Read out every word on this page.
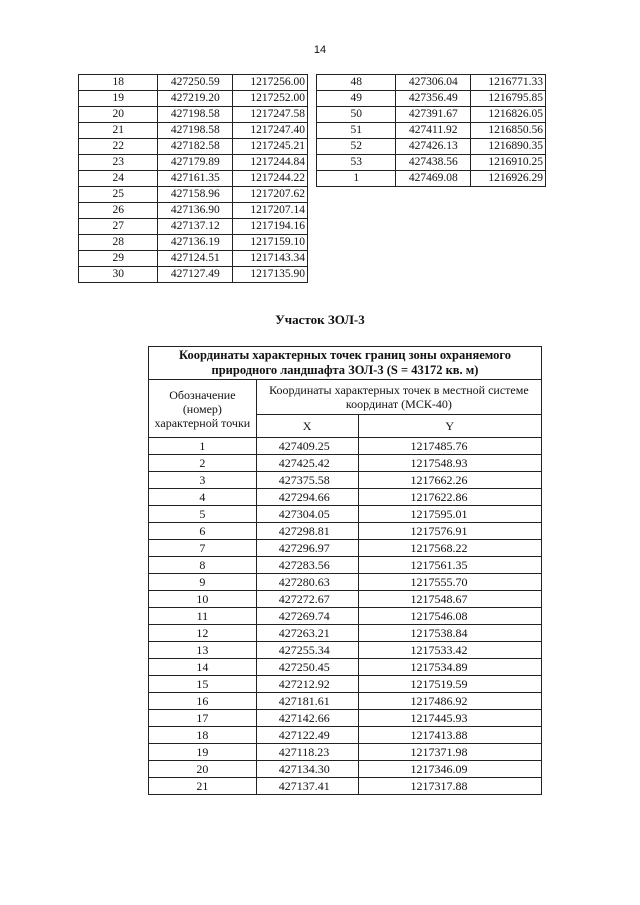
14
18	427250.59	1217256.00
19	427219.20	1217252.00
20	427198.58	1217247.58
21	427198.58	1217247.40
22	427182.58	1217245.21
23	427179.89	1217244.84
24	427161.35	1217244.22
25	427158.96	1217207.62
26	427136.90	1217207.14
27	427137.12	1217194.16
28	427136.19	1217159.10
29	427124.51	1217143.34
30	427127.49	1217135.90
48	427306.04	1216771.33
49	427356.49	1216795.85
50	427391.67	1216826.05
51	427411.92	1216850.56
52	427426.13	1216890.35
53	427438.56	1216910.25
1	427469.08	1216926.29
Участок ЗОЛ-3
Координаты характерных точек границ зоны охраняемого
природного ландшафта ЗОЛ-3 (S = 43172 кв. м)		
Обозначение (номер) характерной точки	Координаты характерных точек в местной системе координат (МСК-40)	
	X	Y
1	427409.25	1217485.76
2	427425.42	1217548.93
3	427375.58	1217662.26
4	427294.66	1217622.86
5	427304.05	1217595.01
6	427298.81	1217576.91
7	427296.97	1217568.22
8	427283.56	1217561.35
9	427280.63	1217555.70
10	427272.67	1217548.67
11	427269.74	1217546.08
12	427263.21	1217538.84
13	427255.34	1217533.42
14	427250.45	1217534.89
15	427212.92	1217519.59
16	427181.61	1217486.92
17	427142.66	1217445.93
18	427122.49	1217413.88
19	427118.23	1217371.98
20	427134.30	1217346.09
21	427137.41	1217317.88
